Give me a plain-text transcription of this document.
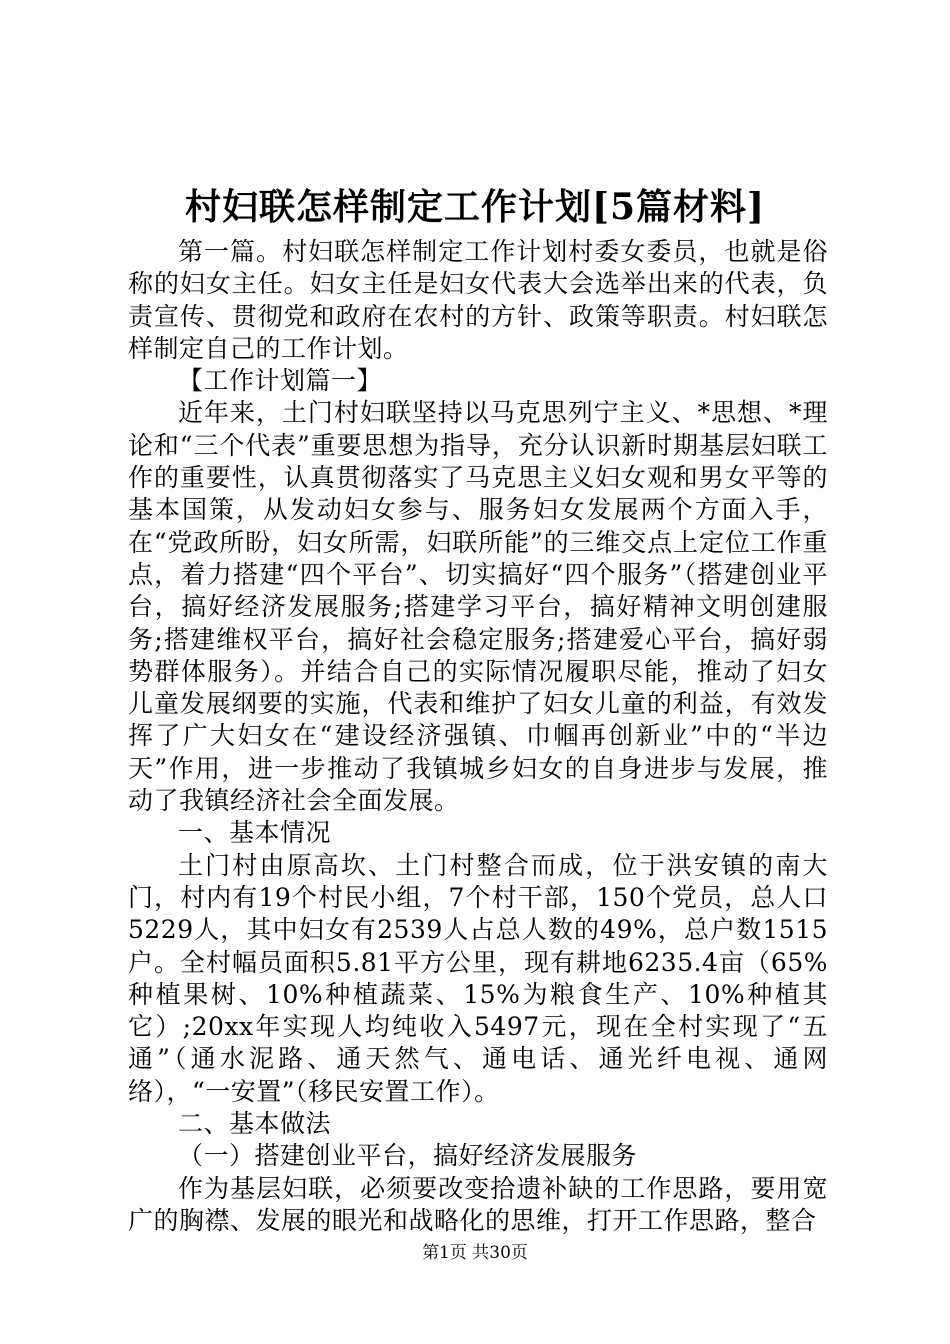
村妇联怎样制定工作计划[5篇材料]

第一篇。村妇联怎样制定工作计划村委女委员，也就是俗称的妇女主任。妇女主任是妇女代表大会选举出来的代表，负责宣传、贯彻党和政府在农村的方针、政策等职责。村妇联怎样制定自己的工作计划。

【工作计划篇一】

近年来，土门村妇联坚持以马克思列宁主义、*思想、*理论和“三个代表”重要思想为指导，充分认识新时期基层妇联工作的重要性，认真贯彻落实了马克思主义妇女观和男女平等的基本国策，从发动妇女参与、服务妇女发展两个方面入手，在“党政所盼，妇女所需，妇联所能”的三维交点上定位工作重点，着力搭建“四个平台”、切实搞好“四个服务”（搭建创业平台，搞好经济发展服务;搭建学习平台，搞好精神文明创建服务;搭建维权平台，搞好社会稳定服务;搭建爱心平台，搞好弱势群体服务）。并结合自己的实际情况履职尽能，推动了妇女儿童发展纲要的实施，代表和维护了妇女儿童的利益，有效发挥了广大妇女在“建设经济强镇、巾帼再创新业”中的“半边天”作用，进一步推动了我镇城乡妇女的自身进步与发展，推动了我镇经济社会全面发展。

一、基本情况

土门村由原高坎、土门村整合而成，位于洪安镇的南大门，村内有19个村民小组，7个村干部，150个党员，总人口5229人，其中妇女有2539人占总人数的49%，总户数1515户。全村幅员面积5.81平方公里，现有耕地6235.4亩（65%种植果树、10%种植蔬菜、15%为粮食生产、10%种植其它）;20xx年实现人均纯收入5497元，现在全村实现了“五通”（通水泥路、通天然气、通电话、通光纤电视、通网络），“一安置”（移民安置工作）。

二、基本做法

（一）搭建创业平台，搞好经济发展服务

作为基层妇联，必须要改变拾遗补缺的工作思路，要用宽广的胸襟、发展的眼光和战略化的思维，打开工作思路，整合

第1页 共30页
